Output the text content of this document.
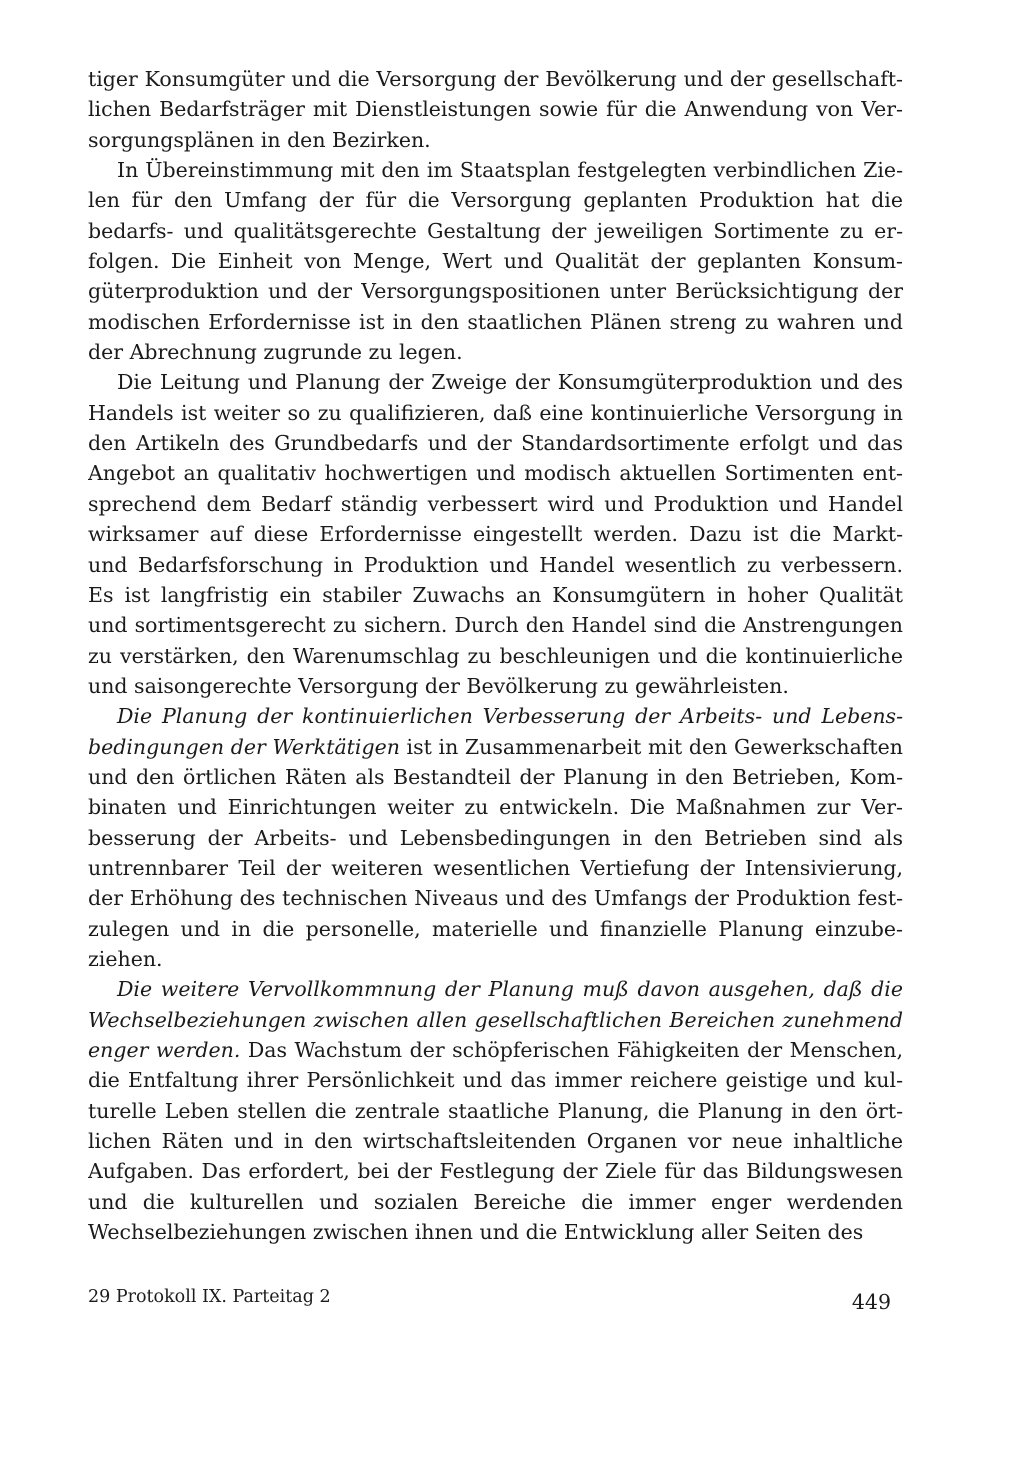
tiger Konsumgüter und die Versorgung der Bevölkerung und der gesellschaft-
lichen Bedarfsträger mit Dienstleistungen sowie für die Anwendung von Ver-
sorgungsplänen in den Bezirken.
In Übereinstimmung mit den im Staatsplan festgelegten verbindlichen Zie-
len für den Umfang der für die Versorgung geplanten Produktion hat die
bedarfs- und qualitätsgerechte Gestaltung der jeweiligen Sortimente zu er-
folgen. Die Einheit von Menge, Wert und Qualität der geplanten Konsum-
güterproduktion und der Versorgungspositionen unter Berücksichtigung der
modischen Erfordernisse ist in den staatlichen Plänen streng zu wahren und
der Abrechnung zugrunde zu legen.
Die Leitung und Planung der Zweige der Konsumgüterproduktion und des
Handels ist weiter so zu qualifizieren, daß eine kontinuierliche Versorgung in
den Artikeln des Grundbedarfs und der Standardsortimente erfolgt und das
Angebot an qualitativ hochwertigen und modisch aktuellen Sortimenten ent-
sprechend dem Bedarf ständig verbessert wird und Produktion und Handel
wirksamer auf diese Erfordernisse eingestellt werden. Dazu ist die Markt-
und Bedarfsforschung in Produktion und Handel wesentlich zu verbessern.
Es ist langfristig ein stabiler Zuwachs an Konsumgütern in hoher Qualität
und sortimentsgerecht zu sichern. Durch den Handel sind die Anstrengungen
zu verstärken, den Warenumschlag zu beschleunigen und die kontinuierliche
und saisongerechte Versorgung der Bevölkerung zu gewährleisten.
Die Planung der kontinuierlichen Verbesserung der Arbeits- und Lebens-
bedingungen der Werktätigen ist in Zusammenarbeit mit den Gewerkschaften
und den örtlichen Räten als Bestandteil der Planung in den Betrieben, Kom-
binaten und Einrichtungen weiter zu entwickeln. Die Maßnahmen zur Ver-
besserung der Arbeits- und Lebensbedingungen in den Betrieben sind als
untrennbarer Teil der weiteren wesentlichen Vertiefung der Intensivierung,
der Erhöhung des technischen Niveaus und des Umfangs der Produktion fest-
zulegen und in die personelle, materielle und finanzielle Planung einzube-
ziehen.
Die weitere Vervollkommnung der Planung muß davon ausgehen, daß die
Wechselbeziehungen zwischen allen gesellschaftlichen Bereichen zunehmend
enger werden. Das Wachstum der schöpferischen Fähigkeiten der Menschen,
die Entfaltung ihrer Persönlichkeit und das immer reichere geistige und kul-
turelle Leben stellen die zentrale staatliche Planung, die Planung in den ört-
lichen Räten und in den wirtschaftsleitenden Organen vor neue inhaltliche
Aufgaben. Das erfordert, bei der Festlegung der Ziele für das Bildungswesen
und die kulturellen und sozialen Bereiche die immer enger werdenden
Wechselbeziehungen zwischen ihnen und die Entwicklung aller Seiten des
29 Protokoll IX. Parteitag 2	449
